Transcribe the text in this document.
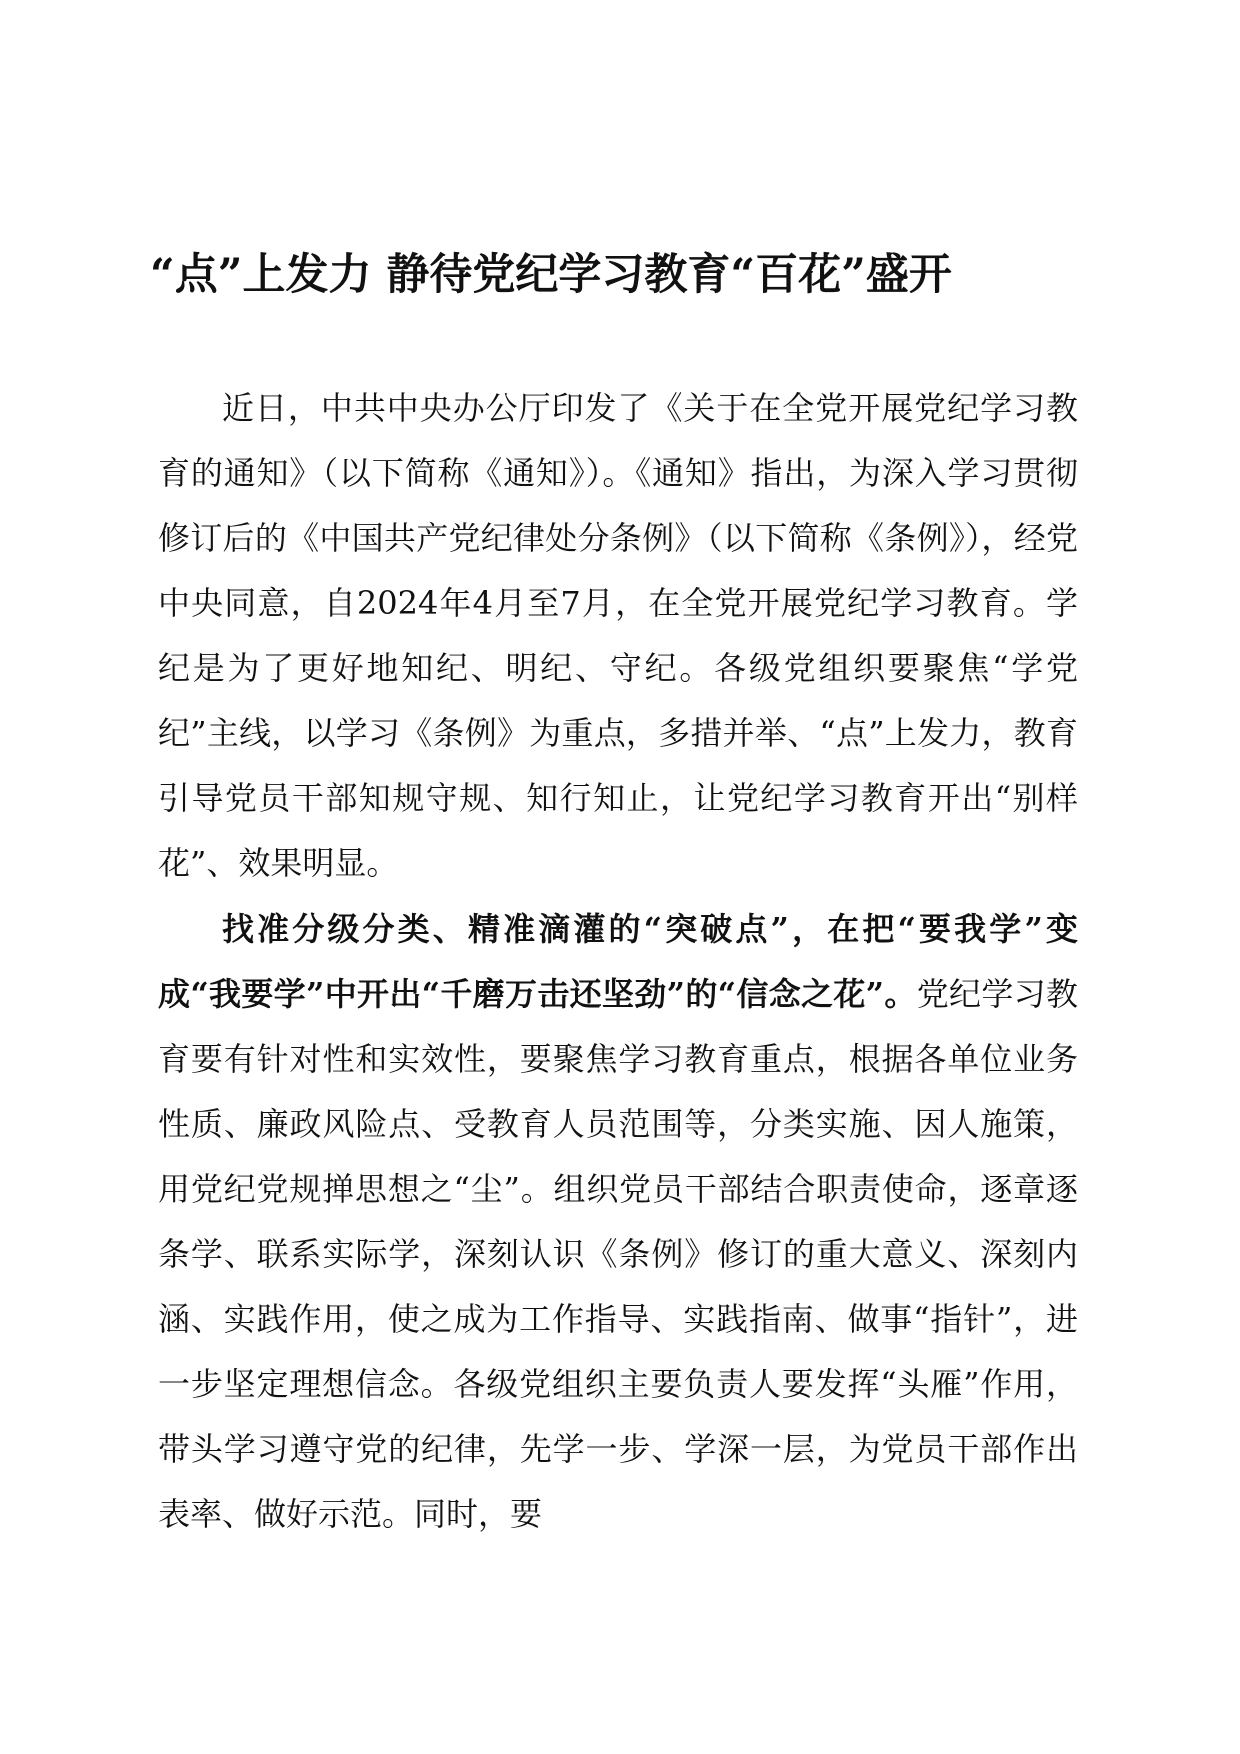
“点”上发力 静待党纪学习教育“百花”盛开

近日，中共中央办公厅印发了《关于在全党开展党纪学习教育的通知》（以下简称《通知》）。《通知》指出，为深入学习贯彻修订后的《中国共产党纪律处分条例》（以下简称《条例》），经党中央同意，自2024年4月至7月，在全党开展党纪学习教育。学纪是为了更好地知纪、明纪、守纪。各级党组织要聚焦“学党纪”主线，以学习《条例》为重点，多措并举、“点”上发力，教育引导党员干部知规守规、知行知止，让党纪学习教育开出“别样花”、效果明显。

找准分级分类、精准滴灌的“突破点”，在把“要我学”变成“我要学”中开出“千磨万击还坚劲”的“信念之花”。党纪学习教育要有针对性和实效性，要聚焦学习教育重点，根据各单位业务性质、廉政风险点、受教育人员范围等，分类实施、因人施策，用党纪党规掸思想之“尘”。组织党员干部结合职责使命，逐章逐条学、联系实际学，深刻认识《条例》修订的重大意义、深刻内涵、实践作用，使之成为工作指导、实践指南、做事“指针”，进一步坚定理想信念。各级党组织主要负责人要发挥“头雁”作用，带头学习遵守党的纪律，先学一步、学深一层，为党员干部作出表率、做好示范。同时，要
